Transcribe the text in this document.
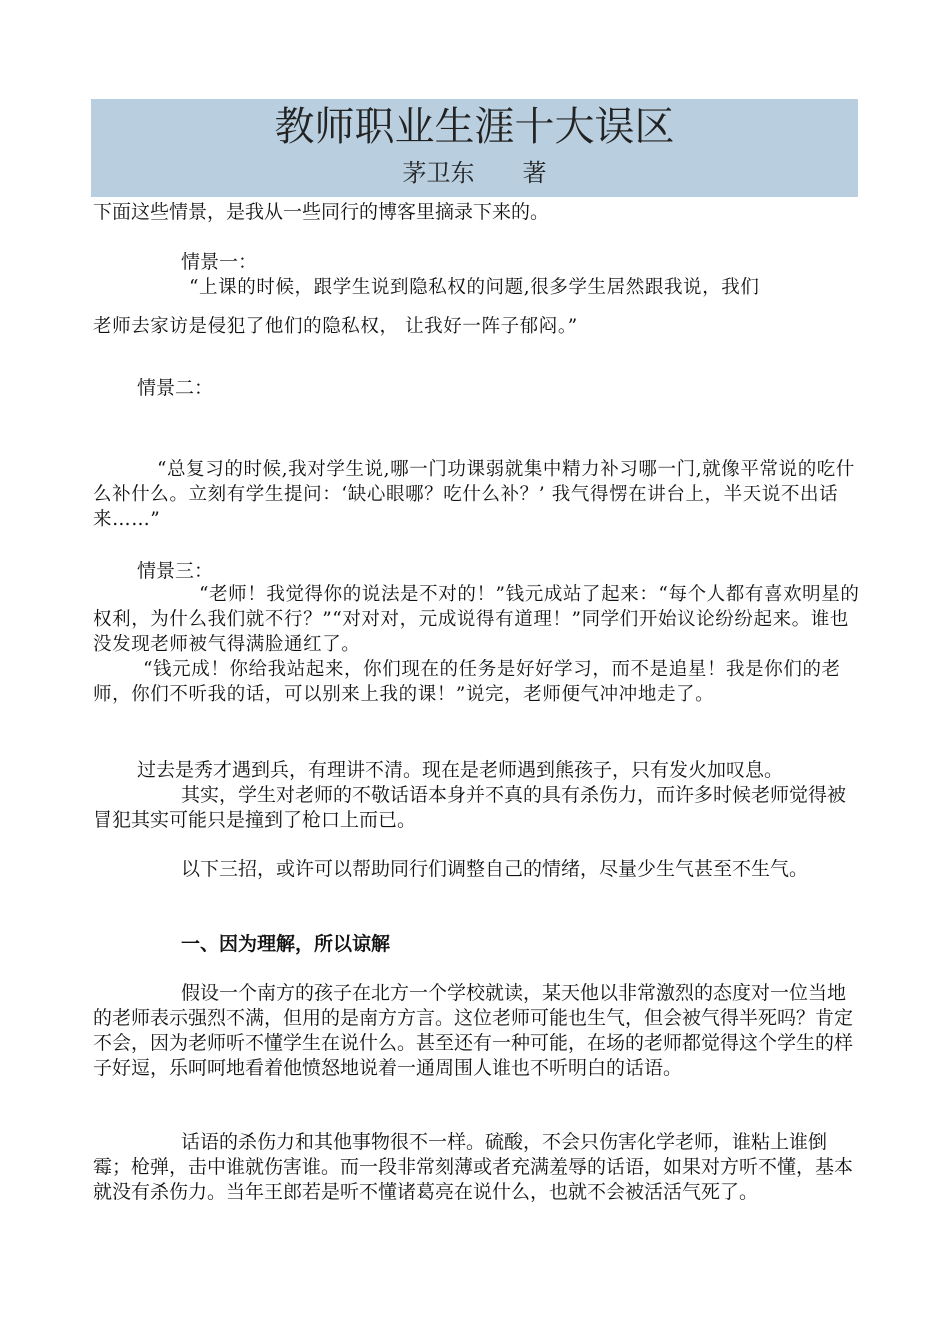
教师职业生涯十大误区
茅卫东　　著

下面这些情景，是我从一些同行的博客里摘录下来的。

情景一：

“上课的时候，跟学生说到隐私权的问题,很多学生居然跟我说，我们

老师去家访是侵犯了他们的隐私权， 让我好一阵子郁闷。”

情景二：

“总复习的时候,我对学生说,哪一门功课弱就集中精力补习哪一门,就像平常说的吃什么补什么。立刻有学生提问：‘缺心眼哪？吃什么补？’ 我气得愣在讲台上，半天说不出话来……”

情景三：

“老师！我觉得你的说法是不对的！”钱元成站了起来：“每个人都有喜欢明星的权利，为什么我们就不行？”“对对对，元成说得有道理！”同学们开始议论纷纷起来。谁也没发现老师被气得满脸通红了。

“钱元成！你给我站起来，你们现在的任务是好好学习，而不是追星！我是你们的老师，你们不听我的话，可以别来上我的课！”说完，老师便气冲冲地走了。

过去是秀才遇到兵，有理讲不清。现在是老师遇到熊孩子，只有发火加叹息。

其实，学生对老师的不敬话语本身并不真的具有杀伤力，而许多时候老师觉得被冒犯其实可能只是撞到了枪口上而已。

以下三招，或许可以帮助同行们调整自己的情绪，尽量少生气甚至不生气。

一、因为理解，所以谅解

假设一个南方的孩子在北方一个学校就读，某天他以非常激烈的态度对一位当地的老师表示强烈不满，但用的是南方方言。这位老师可能也生气，但会被气得半死吗？肯定不会，因为老师听不懂学生在说什么。甚至还有一种可能，在场的老师都觉得这个学生的样子好逗，乐呵呵地看着他愤怒地说着一通周围人谁也不听明白的话语。

话语的杀伤力和其他事物很不一样。硫酸，不会只伤害化学老师，谁粘上谁倒霉；枪弹，击中谁就伤害谁。而一段非常刻薄或者充满羞辱的话语，如果对方听不懂，基本就没有杀伤力。当年王郎若是听不懂诸葛亮在说什么，也就不会被活活气死了。
